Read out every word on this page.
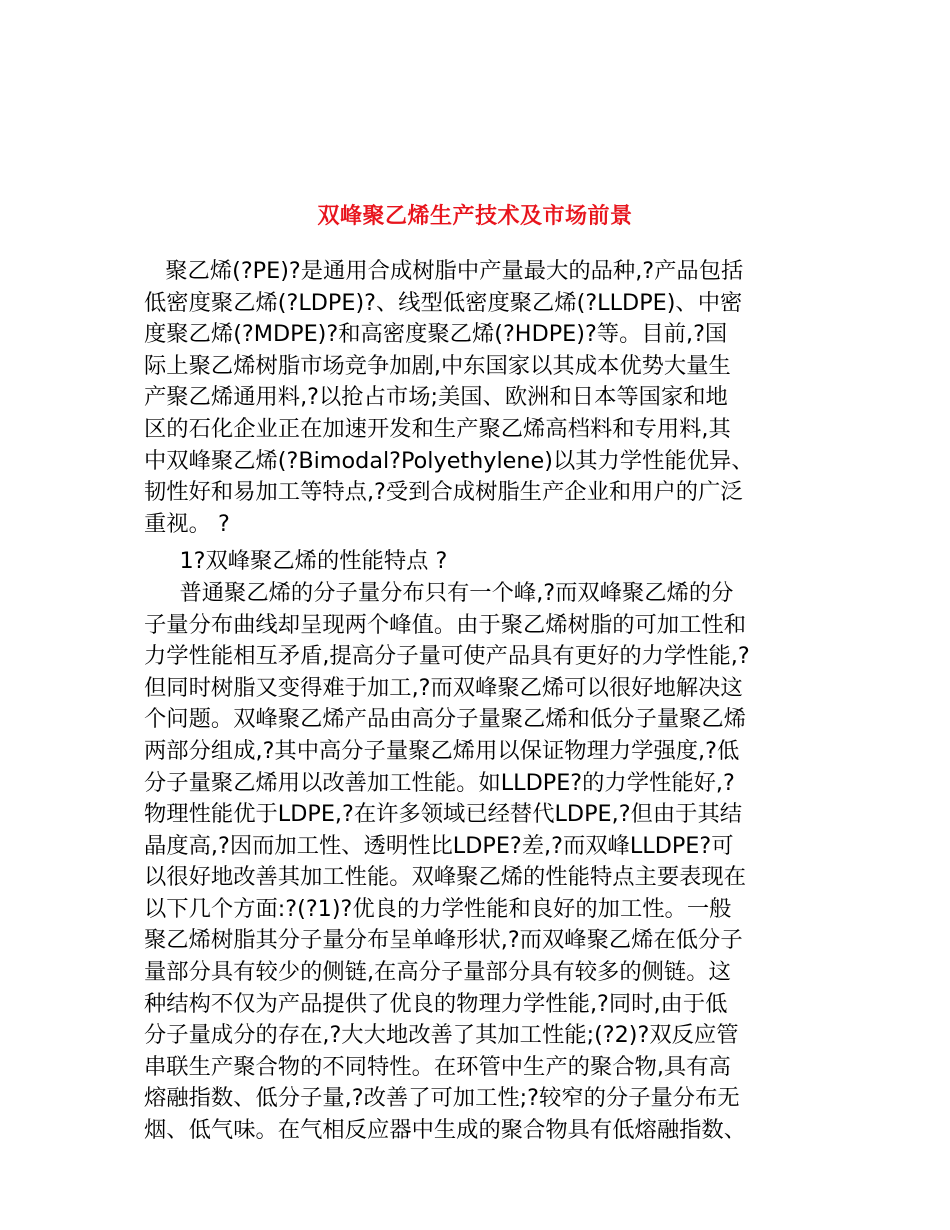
双峰聚乙烯生产技术及市场前景
聚乙烯(?PE)?是通用合成树脂中产量最大的品种,?产品包括
低密度聚乙烯(?LDPE)?、线型低密度聚乙烯(?LLDPE)、中密
度聚乙烯(?MDPE)?和高密度聚乙烯(?HDPE)?等。目前,?国
际上聚乙烯树脂市场竞争加剧,中东国家以其成本优势大量生
产聚乙烯通用料,?以抢占市场;美国、欧洲和日本等国家和地
区的石化企业正在加速开发和生产聚乙烯高档料和专用料,其
中双峰聚乙烯(?Bimodal?Polyethylene)以其力学性能优异、
韧性好和易加工等特点,?受到合成树脂生产企业和用户的广泛
重视。 ?
1?双峰聚乙烯的性能特点 ?
普通聚乙烯的分子量分布只有一个峰,?而双峰聚乙烯的分
子量分布曲线却呈现两个峰值。由于聚乙烯树脂的可加工性和
力学性能相互矛盾,提高分子量可使产品具有更好的力学性能,?
但同时树脂又变得难于加工,?而双峰聚乙烯可以很好地解决这
个问题。双峰聚乙烯产品由高分子量聚乙烯和低分子量聚乙烯
两部分组成,?其中高分子量聚乙烯用以保证物理力学强度,?低
分子量聚乙烯用以改善加工性能。如LLDPE?的力学性能好,?
物理性能优于LDPE,?在许多领域已经替代LDPE,?但由于其结
晶度高,?因而加工性、透明性比LDPE?差,?而双峰LLDPE?可
以很好地改善其加工性能。双峰聚乙烯的性能特点主要表现在
以下几个方面:?(?1)?优良的力学性能和良好的加工性。一般
聚乙烯树脂其分子量分布呈单峰形状,?而双峰聚乙烯在低分子
量部分具有较少的侧链,在高分子量部分具有较多的侧链。这
种结构不仅为产品提供了优良的物理力学性能,?同时,由于低
分子量成分的存在,?大大地改善了其加工性能;(?2)?双反应管
串联生产聚合物的不同特性。在环管中生产的聚合物,具有高
熔融指数、低分子量,?改善了可加工性;?较窄的分子量分布无
烟、低气味。在气相反应器中生成的聚合物具有低熔融指数、
